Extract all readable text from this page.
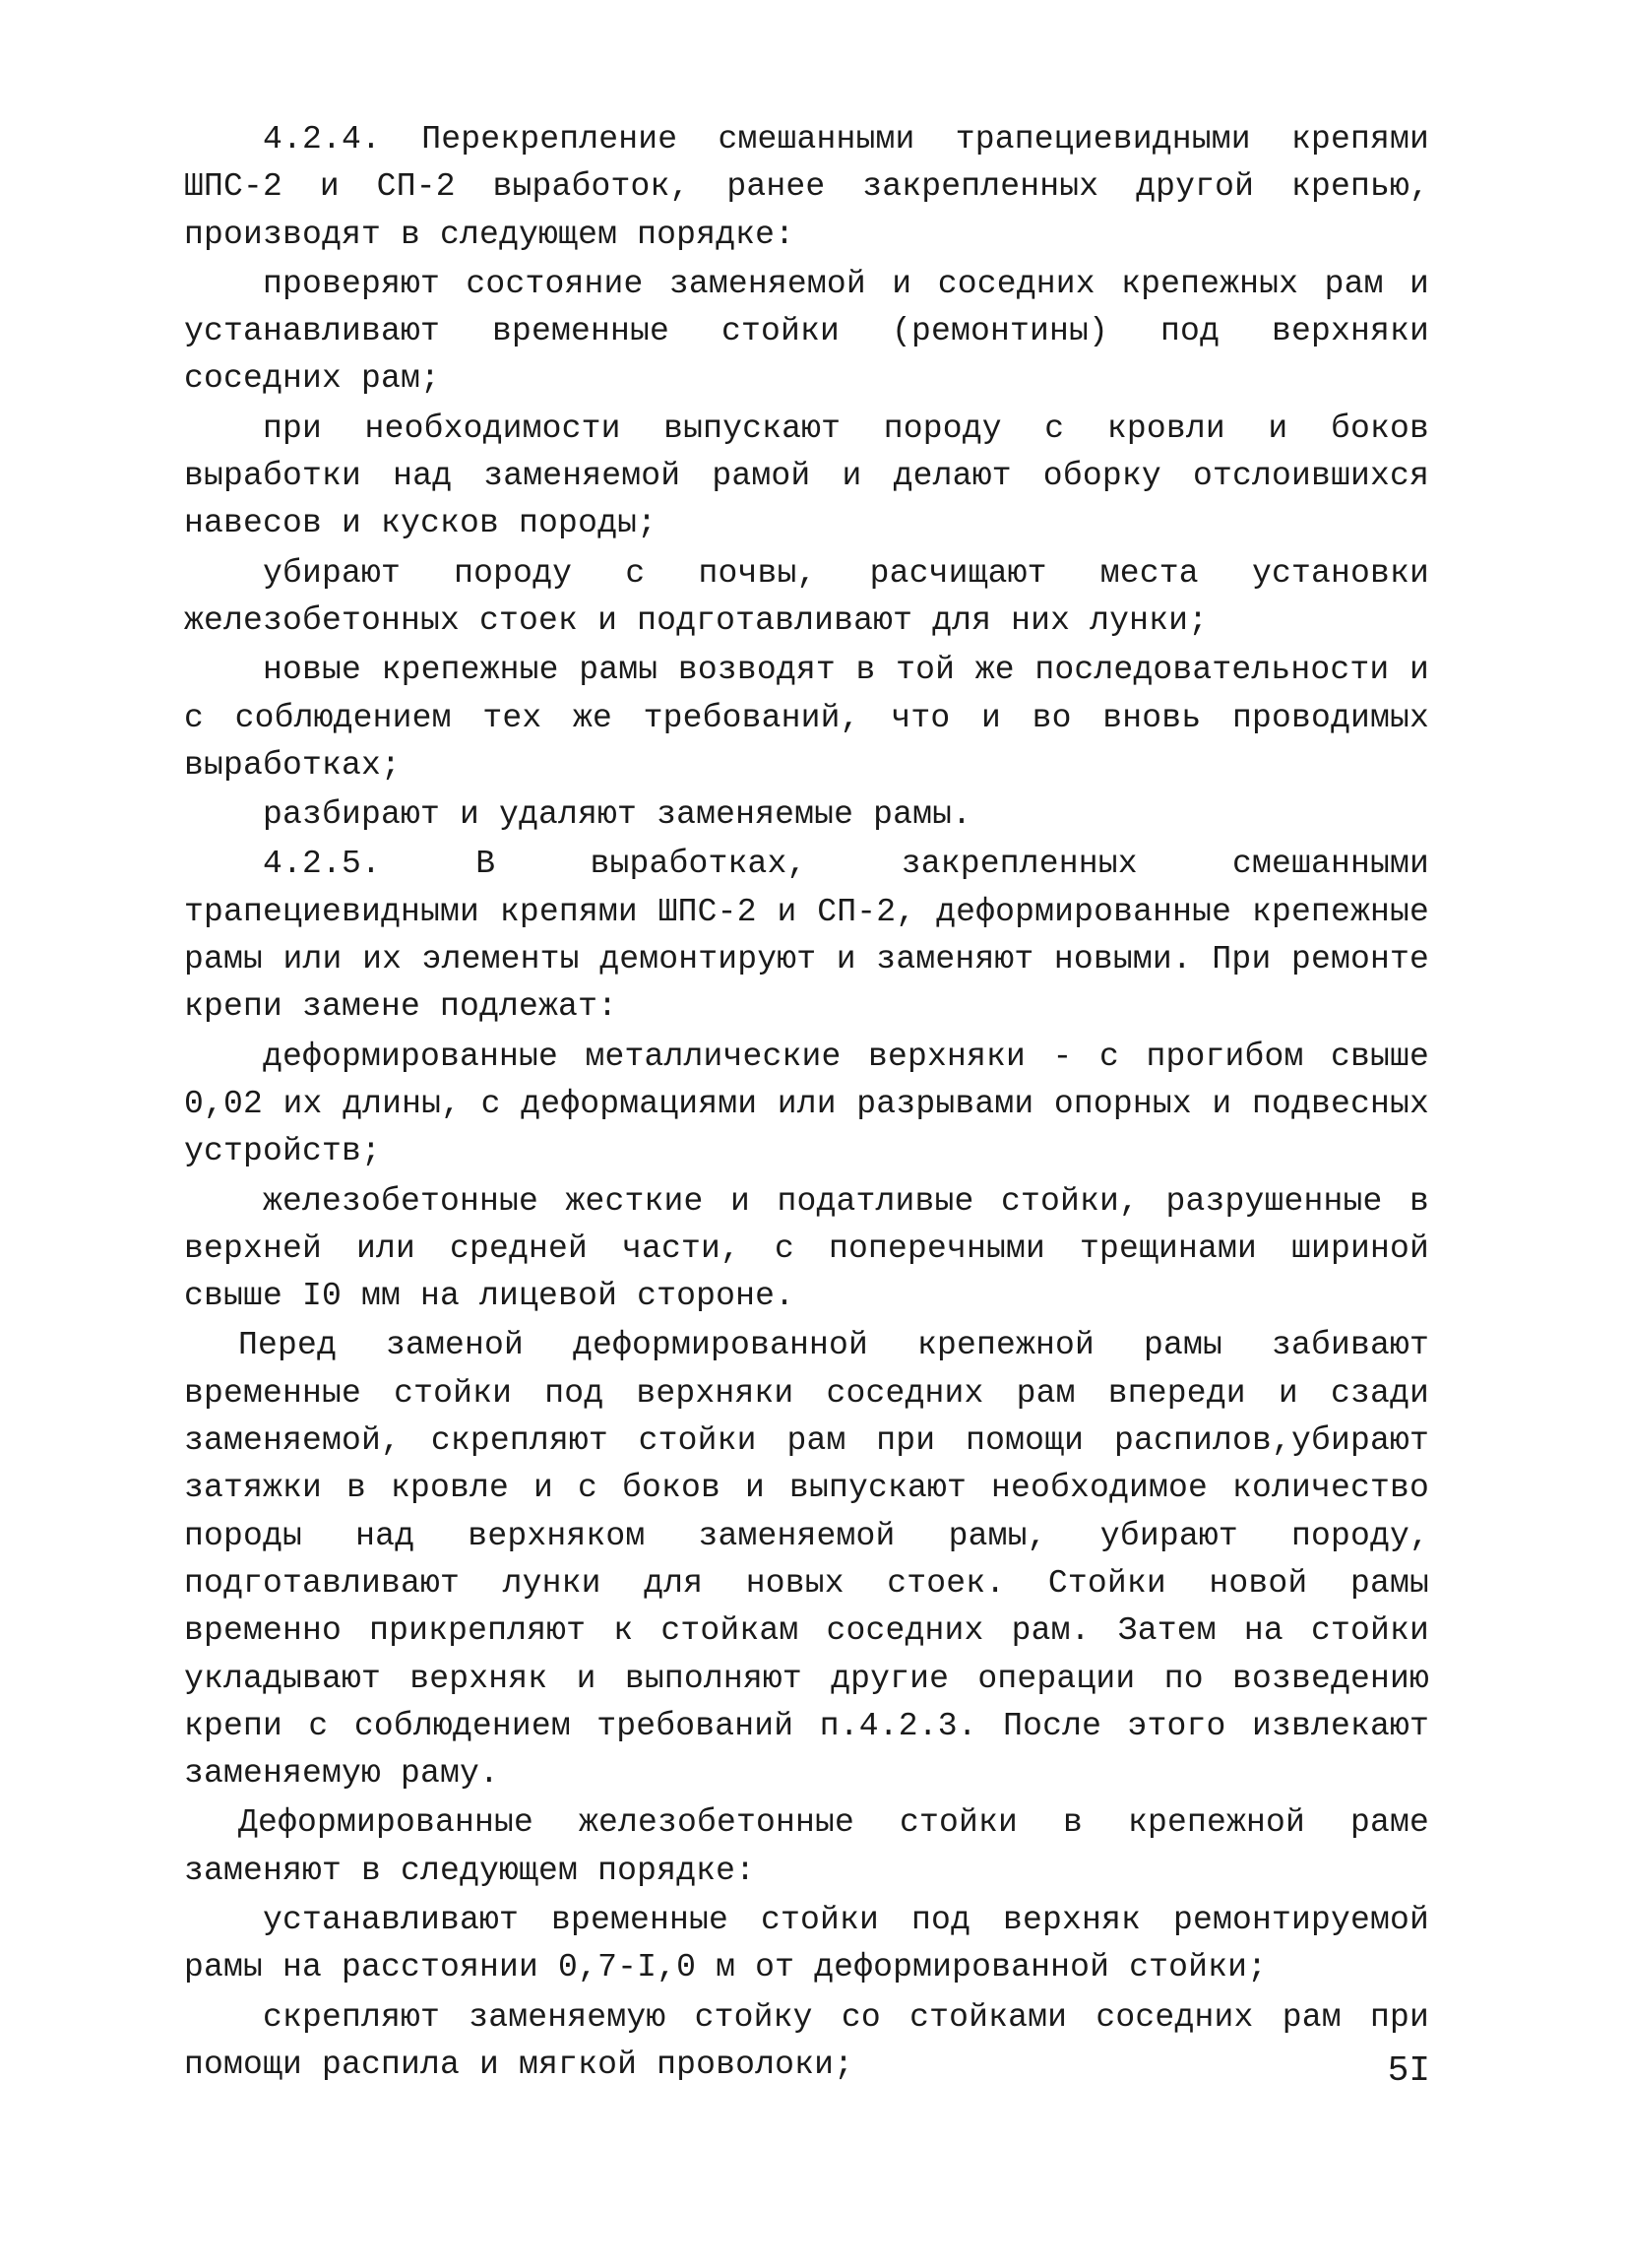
4.2.4. Перекрепление смешанными трапециевидными крепями ШПС-2 и СП-2 выработок, ранее закрепленных другой крепью, производят в следующем порядке:

проверяют состояние заменяемой и соседних крепежных рам и устанавливают временные стойки (ремонтины) под верхняки соседних рам;

при необходимости выпускают породу с кровли и боков выработки над заменяемой рамой и делают оборку отслоившихся навесов и кусков породы;

убирают породу с почвы, расчищают места установки железобетонных стоек и подготавливают для них лунки;

новые крепежные рамы возводят в той же последовательности и с соблюдением тех же требований, что и во вновь проводимых выработках;

разбирают и удаляют заменяемые рамы.

4.2.5. В выработках, закрепленных смешанными трапециевидными крепями ШПС-2 и СП-2, деформированные крепежные рамы или их элементы демонтируют и заменяют новыми. При ремонте крепи замене подлежат:

деформированные металлические верхняки - с прогибом свыше 0,02 их длины, с деформациями или разрывами опорных и подвесных устройств;

железобетонные жесткие и податливые стойки, разрушенные в верхней или средней части, с поперечными трещинами шириной свыше I0 мм на лицевой стороне.

Перед заменой деформированной крепежной рамы забивают временные стойки под верхняки соседних рам впереди и сзади заменяемой, скрепляют стойки рам при помощи распилов,убирают затяжки в кровле и с боков и выпускают необходимое количество породы над верхняком заменяемой рамы, убирают породу, подготавливают лунки для новых стоек. Стойки новой рамы временно прикрепляют к стойкам соседних рам. Затем на стойки укладывают верхняк и выполняют другие операции по возведению крепи с соблюдением требований п.4.2.3. После этого извлекают заменяемую раму.

Деформированные железобетонные стойки в крепежной раме заменяют в следующем порядке:

устанавливают временные стойки под верхняк ремонтируемой рамы на расстоянии 0,7-I,0 м от деформированной стойки;

скрепляют заменяемую стойку со стойками соседних рам при помощи распила и мягкой проволоки;	5I
